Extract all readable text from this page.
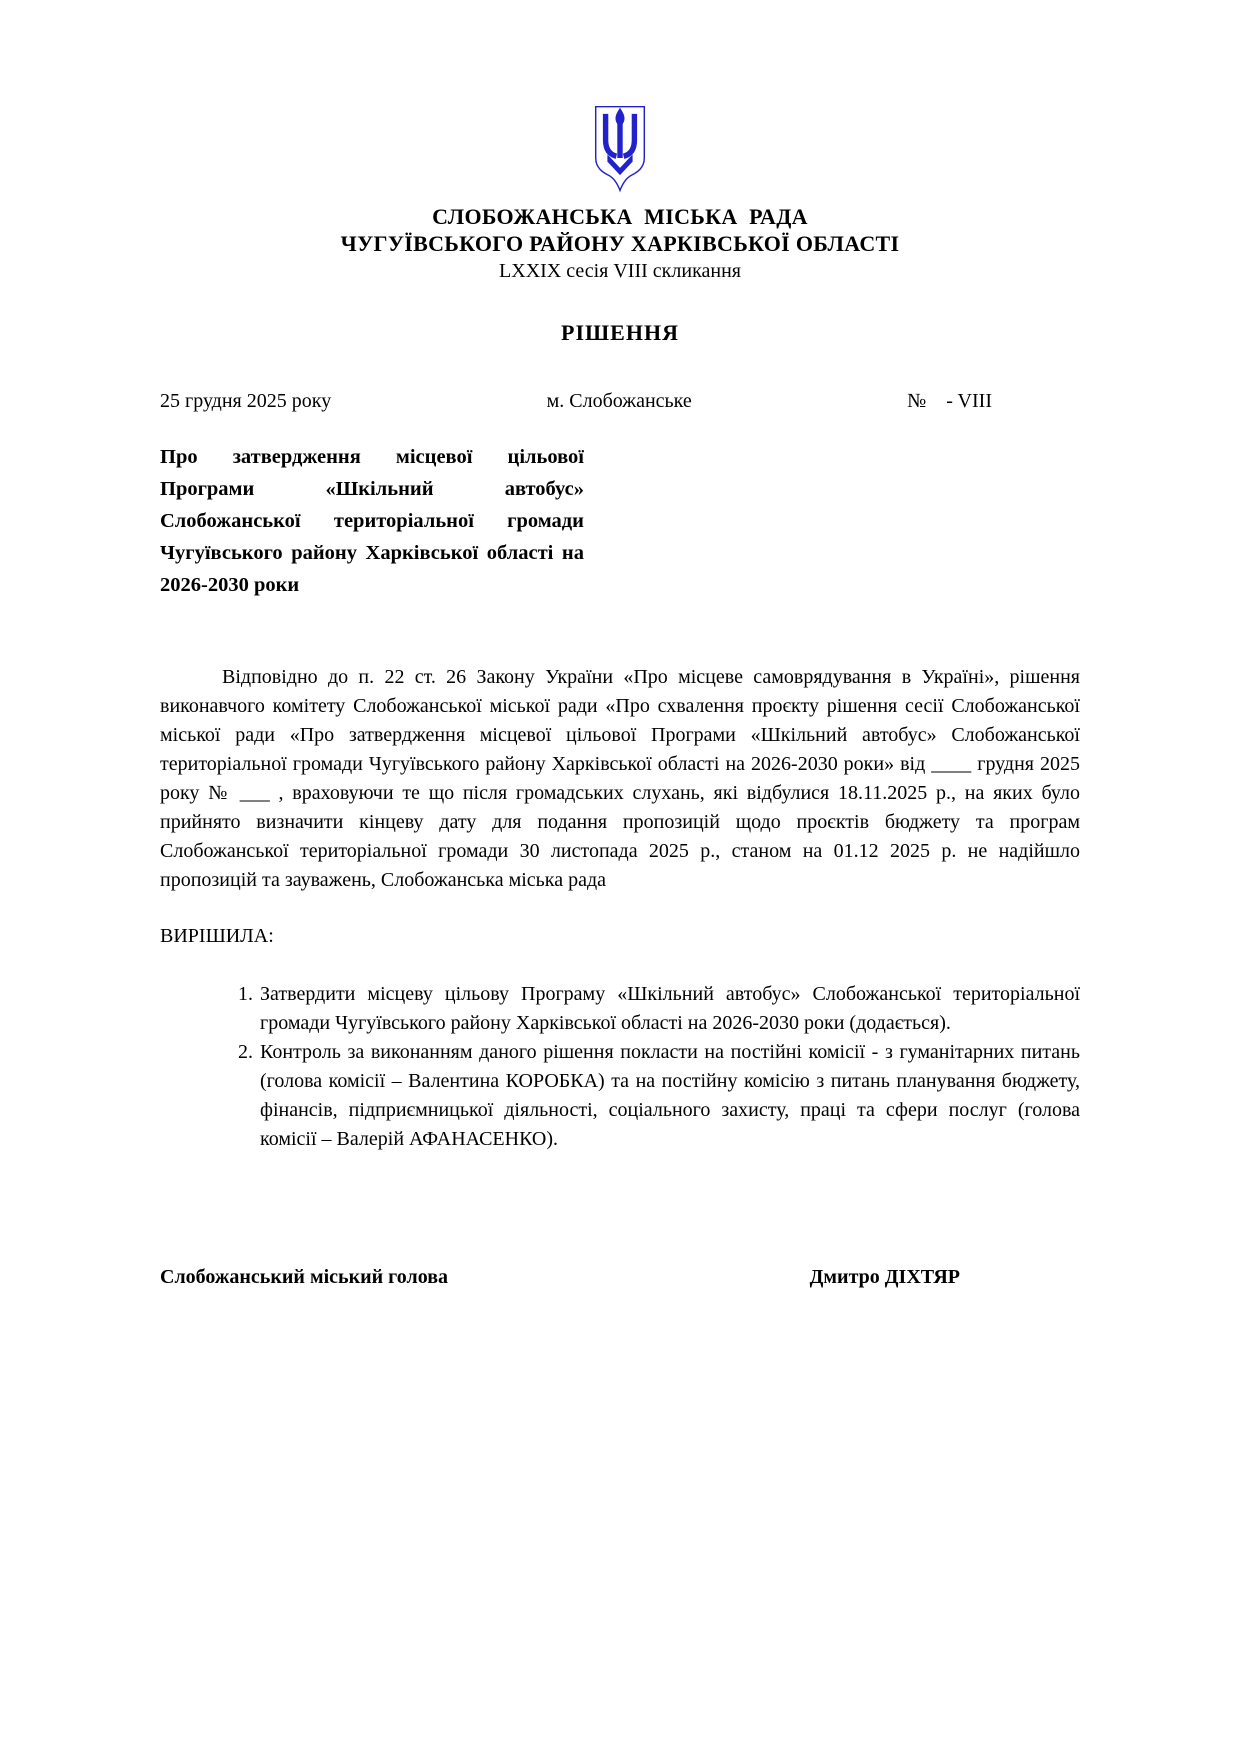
СЛОБОЖАНСЬКА  МІСЬКА  РАДА
ЧУГУЇВСЬКОГО РАЙОНУ ХАРКІВСЬКОЇ ОБЛАСТІ
LXXIX сесія VIII скликання
РІШЕННЯ
25 грудня 2025 року	м. Слобожанське	№    - VIII
Про затвердження місцевої цільової Програми «Шкільний автобус» Слобожанської територіальної громади Чугуївського району Харківської області на 2026-2030 роки
Відповідно до п. 22 ст. 26 Закону України «Про місцеве самоврядування в Україні», рішення виконавчого комітету Слобожанської міської ради «Про схвалення проєкту рішення сесії Слобожанської міської ради «Про затвердження місцевої цільової Програми «Шкільний автобус» Слобожанської територіальної громади Чугуївського району Харківської області на 2026-2030 роки» від ____ грудня 2025 року № ___ , враховуючи те що після громадських слухань, які відбулися 18.11.2025 р., на яких було прийнято визначити кінцеву дату для подання пропозицій щодо проєктів бюджету та програм Слобожанської територіальної громади 30 листопада 2025 р., станом на 01.12 2025 р. не надійшло пропозицій та зауважень, Слобожанська міська рада
ВИРІШИЛА:
1. Затвердити місцеву цільову Програму «Шкільний автобус» Слобожанської територіальної громади Чугуївського району Харківської області на 2026-2030 роки (додається).
2. Контроль за виконанням даного рішення покласти на постійні комісії - з гуманітарних питань (голова комісії – Валентина КОРОБКА) та на постійну комісію з питань планування бюджету, фінансів, підприємницької діяльності, соціального захисту, праці та сфери послуг (голова комісії – Валерій АФАНАСЕНКО).
Слобожанський міський голова	Дмитро ДІХТЯР
